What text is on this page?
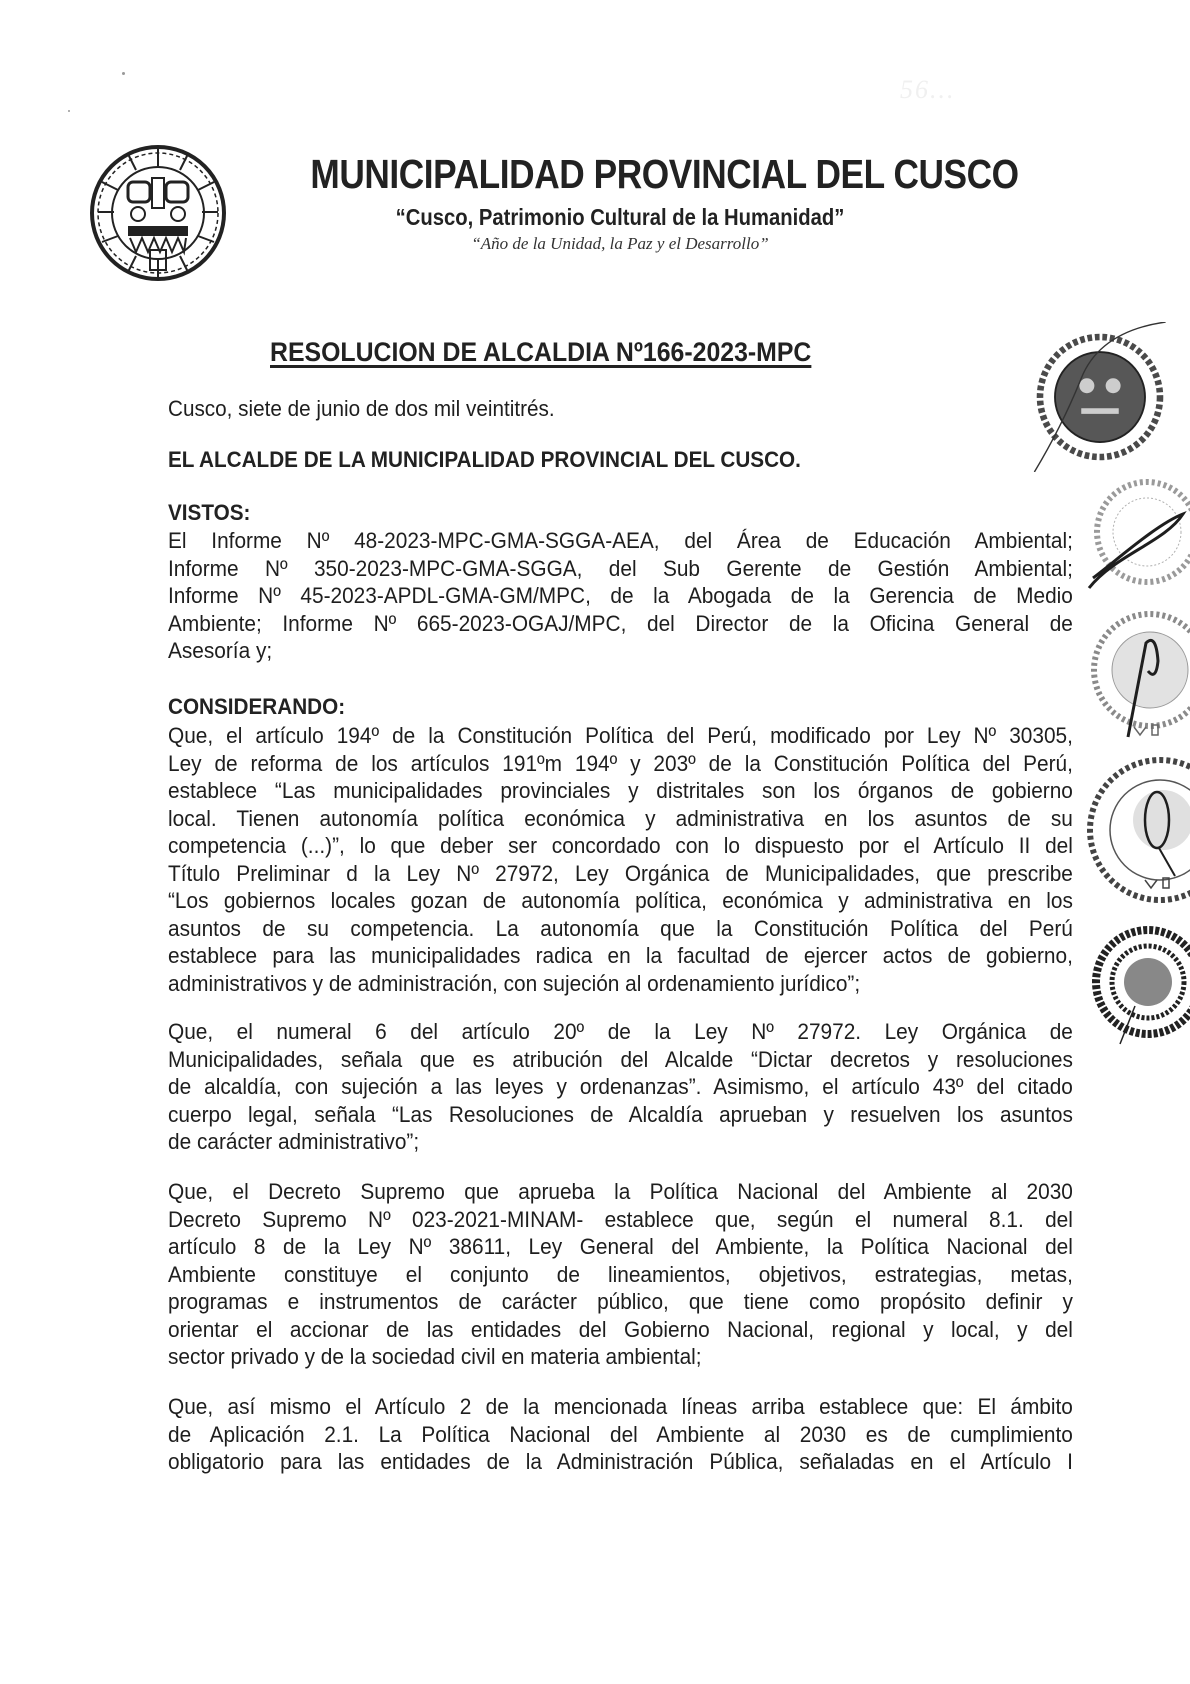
56...
MUNICIPALIDAD PROVINCIAL DEL CUSCO
“Cusco, Patrimonio Cultural de la Humanidad”
“Año de la Unidad, la Paz y el Desarrollo”
RESOLUCION DE ALCALDIA Nº166-2023-MPC
Cusco, siete de junio de dos mil veintitrés.
EL ALCALDE DE LA MUNICIPALIDAD PROVINCIAL DEL CUSCO.
VISTOS:
El Informe Nº 48-2023-MPC-GMA-SGGA-AEA, del Área de Educación Ambiental;
Informe Nº 350-2023-MPC-GMA-SGGA, del Sub Gerente de Gestión Ambiental;
Informe Nº 45-2023-APDL-GMA-GM/MPC, de la Abogada de la Gerencia de Medio
Ambiente; Informe Nº 665-2023-OGAJ/MPC, del Director de la Oficina General de
Asesoría y;
CONSIDERANDO:
Que, el artículo 194º de la Constitución Política del Perú, modificado por Ley Nº 30305,
Ley de reforma de los artículos 191ºm 194º y 203º de la Constitución Política del Perú,
establece “Las municipalidades provinciales y distritales son los órganos de gobierno
local. Tienen autonomía política económica y administrativa en los asuntos de su
competencia (...)”, lo que deber ser concordado con lo dispuesto por el Artículo II del
Título Preliminar d la Ley Nº 27972, Ley Orgánica de Municipalidades, que prescribe
“Los gobiernos locales gozan de autonomía política, económica y administrativa en los
asuntos de su competencia. La autonomía que la Constitución Política del Perú
establece para las municipalidades radica en la facultad de ejercer actos de gobierno,
administrativos y de administración, con sujeción al ordenamiento jurídico”;
Que, el numeral 6 del artículo 20º de la Ley Nº 27972. Ley Orgánica de
Municipalidades, señala que es atribución del Alcalde “Dictar decretos y resoluciones
de alcaldía, con sujeción a las leyes y ordenanzas”. Asimismo, el artículo 43º del citado
cuerpo legal, señala “Las Resoluciones de Alcaldía aprueban y resuelven los asuntos
de carácter administrativo”;
Que, el Decreto Supremo que aprueba la Política Nacional del Ambiente al 2030
Decreto Supremo Nº 023-2021-MINAM- establece que, según el numeral 8.1. del
artículo 8 de la Ley Nº 38611, Ley General del Ambiente, la Política Nacional del
Ambiente constituye el conjunto de lineamientos, objetivos, estrategias, metas,
programas e instrumentos de carácter público, que tiene como propósito definir y
orientar el accionar de las entidades del Gobierno Nacional, regional y local, y del
sector privado y de la sociedad civil en materia ambiental;
Que, así mismo el Artículo 2 de la mencionada líneas arriba establece que: El ámbito
de Aplicación 2.1. La Política Nacional del Ambiente al 2030 es de cumplimiento
obligatorio para las entidades de la Administración Pública, señaladas en el Artículo I
